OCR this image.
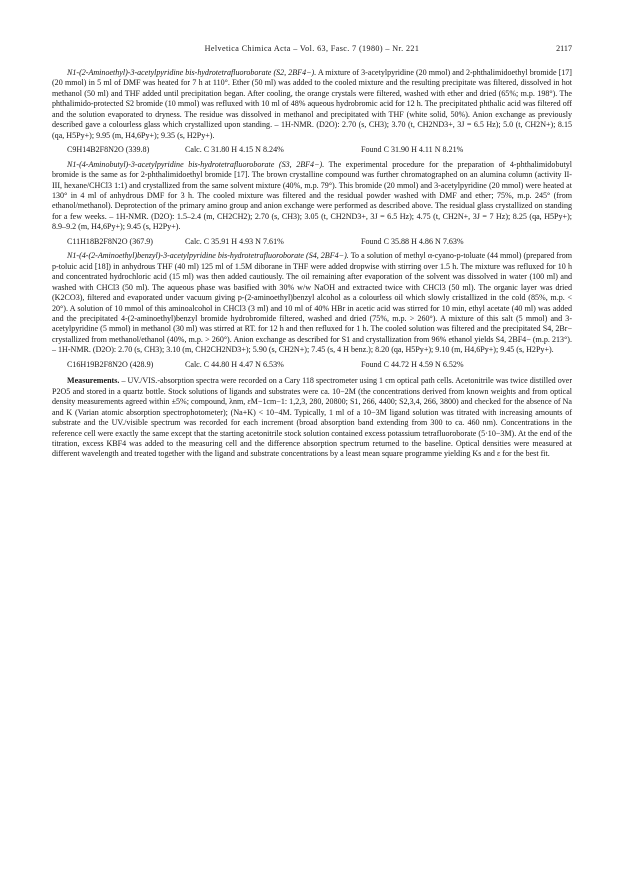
Helvetica Chimica Acta – Vol. 63, Fasc. 7 (1980) – Nr. 221	2117

N1-(2-Aminoethyl)-3-acetylpyridine bis-hydrotetrafluoroborate (S2, 2BF4−). A mixture of 3-acetylpyridine (20 mmol) and 2-phthalimidoethyl bromide [17] (20 mmol) in 5 ml of DMF was heated for 7 h at 110°. Ether (50 ml) was added to the cooled mixture and the resulting precipitate was filtered, dissolved in hot methanol (50 ml) and THF added until precipitation began. After cooling, the orange crystals were filtered, washed with ether and dried (65%; m.p. 198°). The phthalimido-protected S2 bromide (10 mmol) was refluxed with 10 ml of 48% aqueous hydrobromic acid for 12 h. The precipitated phthalic acid was filtered off and the solution evaporated to dryness. The residue was dissolved in methanol and precipitated with THF (white solid, 50%). Anion exchange as previously described gave a colourless glass which crystallized upon standing. – 1H-NMR. (D2O): 2.70 (s, CH3); 3.70 (t, CH2ND3+, 3J = 6.5 Hz); 5.0 (t, CH2N+); 8.15 (qa, H5Py+); 9.95 (m, H4,6Py+); 9.35 (s, H2Py+).

C9H14B2F8N2O (339.8)	Calc. C 31.80 H 4.15 N 8.24%	Found C 31.90 H 4.11 N 8.21%

N1-(4-Aminobutyl)-3-acetylpyridine bis-hydrotetrafluoroborate (S3, 2BF4−). The experimental procedure for the preparation of 4-phthalimidobutyl bromide is the same as for 2-phthalimidoethyl bromide [17]. The brown crystalline compound was further chromatographed on an alumina column (activity II-III, hexane/CHCl3 1:1) and crystallized from the same solvent mixture (40%, m.p. 79°). This bromide (20 mmol) and 3-acetylpyridine (20 mmol) were heated at 130° in 4 ml of anhydrous DMF for 3 h. The cooled mixture was filtered and the residual powder washed with DMF and ether; 75%, m.p. 245° (from ethanol/methanol). Deprotection of the primary amino group and anion exchange were performed as described above. The residual glass crystallized on standing for a few weeks. – 1H-NMR. (D2O): 1.5–2.4 (m, CH2CH2); 2.70 (s, CH3); 3.05 (t, CH2ND3+, 3J = 6.5 Hz); 4.75 (t, CH2N+, 3J = 7 Hz); 8.25 (qa, H5Py+); 8.9–9.2 (m, H4,6Py+); 9.45 (s, H2Py+).

C11H18B2F8N2O (367.9)	Calc. C 35.91 H 4.93 N 7.61%	Found C 35.88 H 4.86 N 7.63%

N1-(4-(2-Aminoethyl)benzyl)-3-acetylpyridine bis-hydrotetrafluoroborate (S4, 2BF4−). To a solution of methyl α-cyano-p-toluate (44 mmol) (prepared from p-toluic acid [18]) in anhydrous THF (40 ml) 125 ml of 1.5M diborane in THF were added dropwise with stirring over 1.5 h. The mixture was refluxed for 10 h and concentrated hydrochloric acid (15 ml) was then added cautiously. The oil remaining after evaporation of the solvent was dissolved in water (100 ml) and washed with CHCl3 (50 ml). The aqueous phase was basified with 30% w/w NaOH and extracted twice with CHCl3 (50 ml). The organic layer was dried (K2CO3), filtered and evaporated under vacuum giving p-(2-aminoethyl)benzyl alcohol as a colourless oil which slowly cristallized in the cold (85%, m.p. < 20°). A solution of 10 mmol of this aminoalcohol in CHCl3 (3 ml) and 10 ml of 40% HBr in acetic acid was stirred for 10 min, ethyl acetate (40 ml) was added and the precipitated 4-(2-aminoethyl)benzyl bromide hydrobromide filtered, washed and dried (75%, m.p. > 260°). A mixture of this salt (5 mmol) and 3-acetylpyridine (5 mmol) in methanol (30 ml) was stirred at RT. for 12 h and then refluxed for 1 h. The cooled solution was filtered and the precipitated S4, 2Br− crystallized from methanol/ethanol (40%, m.p. > 260°). Anion exchange as described for S1 and crystallization from 96% ethanol yields S4, 2BF4− (m.p. 213°). – 1H-NMR. (D2O): 2.70 (s, CH3); 3.10 (m, CH2CH2ND3+); 5.90 (s, CH2N+); 7.45 (s, 4 H benz.); 8.20 (qa, H5Py+); 9.10 (m, H4,6Py+); 9.45 (s, H2Py+).

C16H19B2F8N2O (428.9)	Calc. C 44.80 H 4.47 N 6.53%	Found C 44.72 H 4.59 N 6.52%

Measurements. – UV./VIS.-absorption spectra were recorded on a Cary 118 spectrometer using 1 cm optical path cells. Acetonitrile was twice distilled over P2O5 and stored in a quartz bottle. Stock solutions of ligands and substrates were ca. 10−2M (the concentrations derived from known weights and from optical density measurements agreed within ±5%; compound, λnm, εM−1cm−1: 1,2,3, 280, 20800; S1, 266, 4400; S2,3,4, 266, 3800) and checked for the absence of Na and K (Varian atomic absorption spectrophotometer); (Na+K) < 10−4M. Typically, 1 ml of a 10−3M ligand solution was titrated with increasing amounts of substrate and the UV./visible spectrum was recorded for each increment (broad absorption band extending from 300 to ca. 460 nm). Concentrations in the reference cell were exactly the same except that the starting acetonitrile stock solution contained excess potassium tetrafluoroborate (5·10−3M). At the end of the titration, excess KBF4 was added to the measuring cell and the difference absorption spectrum returned to the baseline. Optical densities were measured at different wavelength and treated together with the ligand and substrate concentrations by a least mean square programme yielding Ks and ε for the best fit.
